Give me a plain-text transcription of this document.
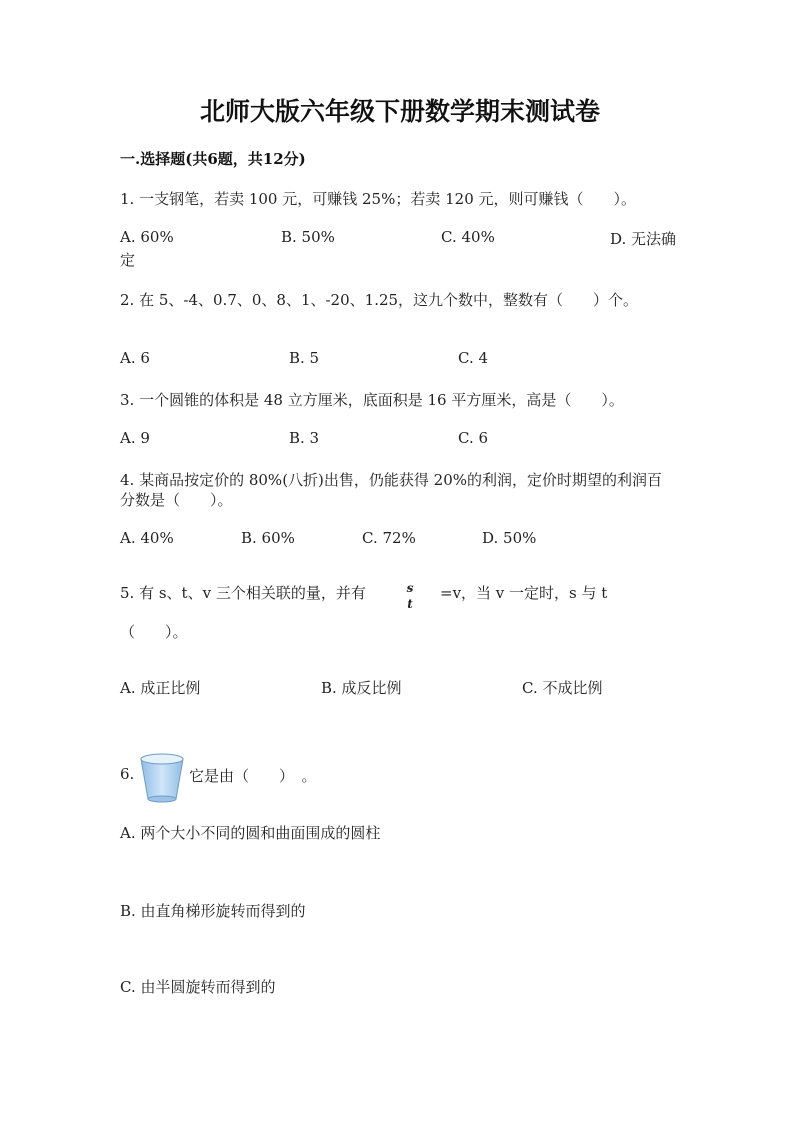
北师大版六年级下册数学期末测试卷
一.选择题(共6题，共12分)
1. 一支钢笔，若卖 100 元，可赚钱 25%；若卖 120 元，则可赚钱（　　）。
A. 60%	B. 50%	C. 40%	D. 无法确
定
2. 在 5、-4、0.7、0、8、1、-20、1.25，这九个数中，整数有（　　）个。
A. 6	B. 5	C. 4
3. 一个圆锥的体积是 48 立方厘米，底面积是 16 平方厘米，高是（　　）。
A. 9	B. 3	C. 6
4. 某商品按定价的 80%(八折)出售，仍能获得 20%的利润，定价时期望的利润百
分数是（　　）。
A. 40%	B. 60%	C. 72%	D. 50%
5. 有 s、t、v 三个相关联的量，并有	s
t
=v，当 v 一定时，s 与 t
（　　）。
A. 成正比例	B. 成反比例	C. 不成比例
6.	它是由（　　）　。
A. 两个大小不同的圆和曲面围成的圆柱
B. 由直角梯形旋转而得到的
C. 由半圆旋转而得到的
